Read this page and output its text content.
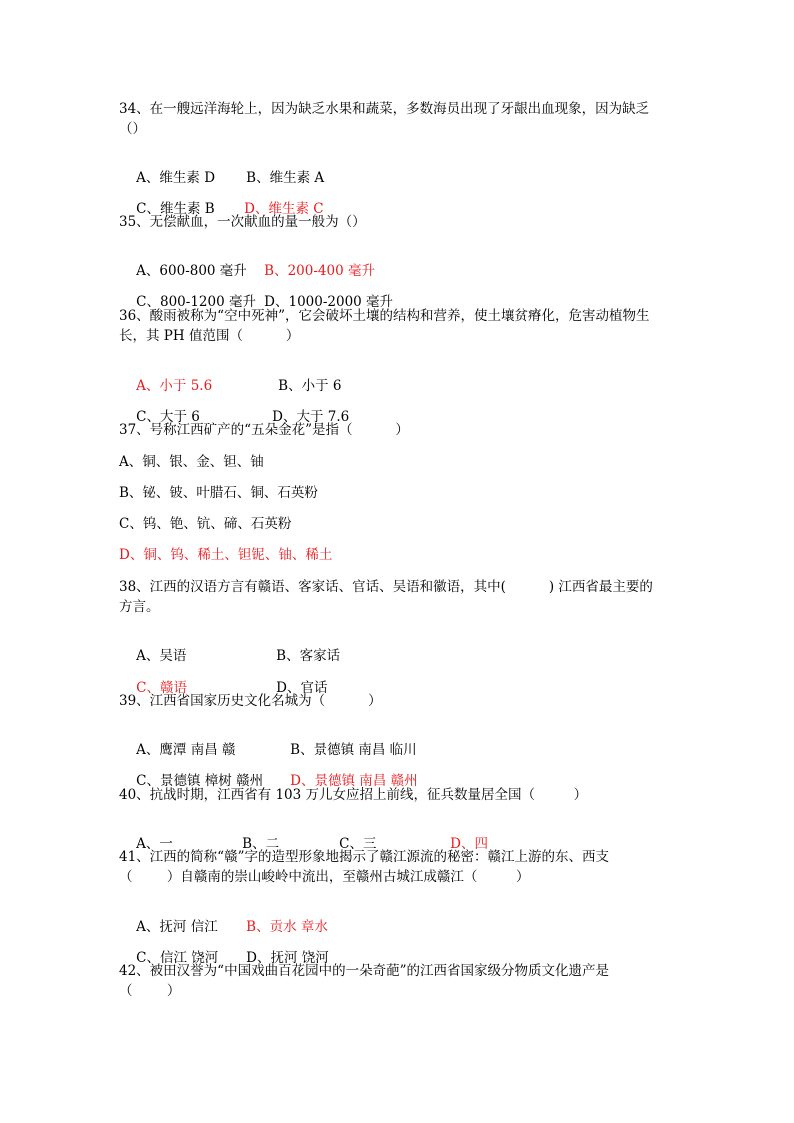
34、在一艘远洋海轮上，因为缺乏水果和蔬菜，多数海员出现了牙龈出血现象，因为缺乏
（）

A、维生素 D B、维生素 A

C、维生素 B D、维生素 C

35、无偿献血，一次献血的量一般为（）

A、600-800 毫升 B、200-400 毫升

C、800-1200 毫升 D、1000-2000 毫升

36、酸雨被称为“空中死神”，它会破坏土壤的结构和营养，使土壤贫瘠化，危害动植物生
长，其 PH 值范围（          ）

A、小于 5.6	B、小于 6

C、大于 6	D、大于 7.6

37、号称江西矿产的“五朵金花”是指（          ）
A、铜、银、金、钽、铀
B、铋、铍、叶腊石、铜、石英粉
C、钨、铯、钪、碲、石英粉
D、铜、钨、稀土、钽铌、铀、稀土
38、江西的汉语方言有赣语、客家话、官话、吴语和徽语，其中(          ) 江西省最主要的
方言。

A、吴语	B、客家话

C、赣语	D、官话

39、江西省国家历史文化名城为（          ）

A、鹰潭 南昌 赣	B、景德镇 南昌 临川

C、景德镇 樟树 赣州 D、景德镇 南昌 赣州

40、抗战时期，江西省有 103 万儿女应招上前线，征兵数量居全国（         ）

A、一	B、二	C、三	D、四

41、江西的简称“赣”字的造型形象地揭示了赣江源流的秘密：赣江上游的东、西支
（        ）自赣南的崇山峻岭中流出，至赣州古城江成赣江（         ）

A、抚河 信江 B、贡水 章水

C、信江 饶河 D、抚河 饶河

42、被田汉誉为“中国戏曲百花园中的一朵奇葩”的江西省国家级分物质文化遗产是
（        ）
